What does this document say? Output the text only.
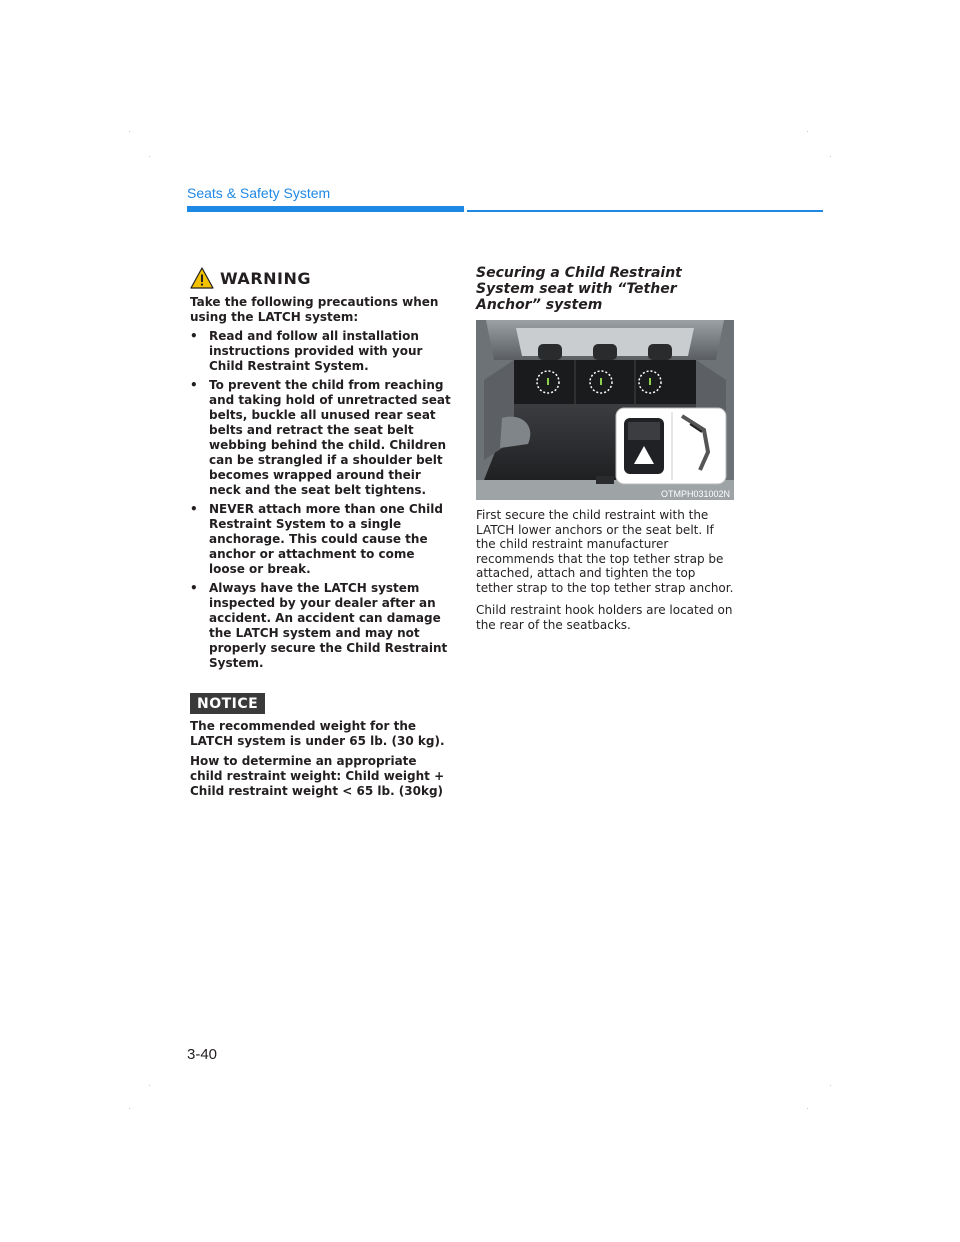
Seats & Safety System
WARNING
Take the following precautions when using the LATCH system:
• Read and follow all installation instructions provided with your Child Restraint System.
• To prevent the child from reaching and taking hold of unretracted seat belts, buckle all unused rear seat belts and retract the seat belt webbing behind the child. Children can be strangled if a shoulder belt becomes wrapped around their neck and the seat belt tightens.
• NEVER attach more than one Child Restraint System to a single anchorage. This could cause the anchor or attachment to come loose or break.
• Always have the LATCH system inspected by your dealer after an accident. An accident can damage the LATCH system and may not properly secure the Child Restraint System.
NOTICE

The recommended weight for the LATCH system is under 65 lb. (30 kg).

How to determine an appropriate child restraint weight: Child weight + Child restraint weight < 65 lb. (30kg)

Securing a Child Restraint System seat with “Tether Anchor” system
OTMPH031002N

First secure the child restraint with the LATCH lower anchors or the seat belt. If the child restraint manufacturer recommends that the top tether strap be attached, attach and tighten the top tether strap to the top tether strap anchor.

Child restraint hook holders are located on the rear of the seatbacks.

3-40
